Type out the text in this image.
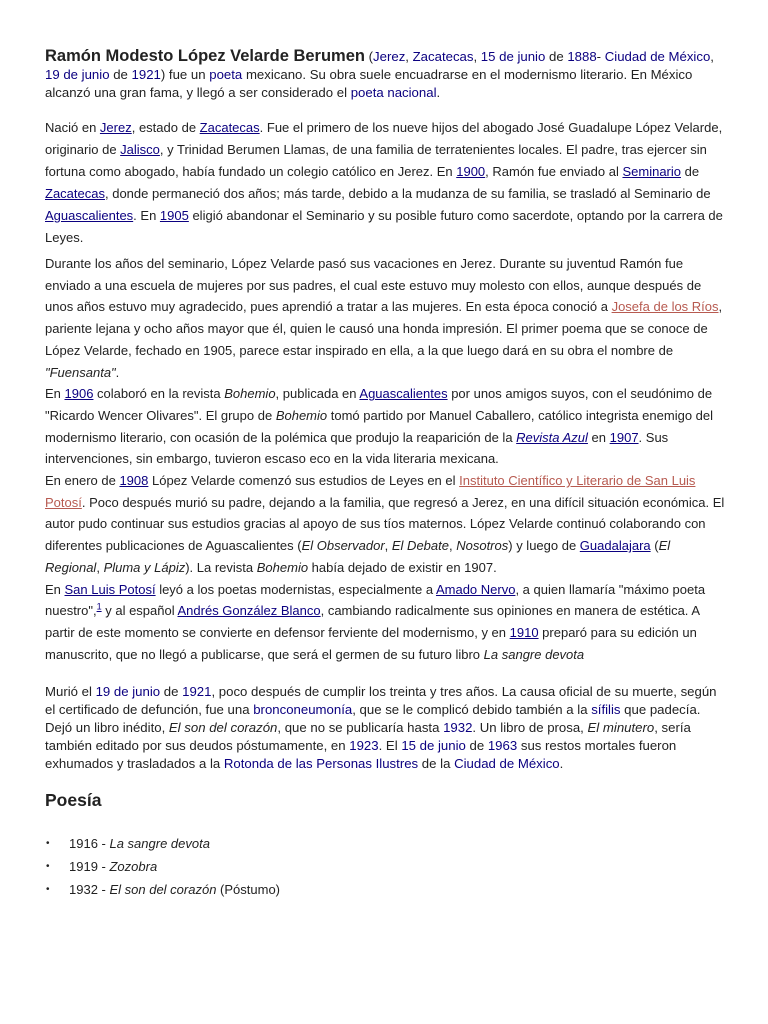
Ramón Modesto López Velarde Berumen (Jerez, Zacatecas, 15 de junio de 1888- Ciudad de México, 19 de junio de 1921) fue un poeta mexicano. Su obra suele encuadrarse en el modernismo literario. En México alcanzó una gran fama, y llegó a ser considerado el poeta nacional.
Nació en Jerez, estado de Zacatecas. Fue el primero de los nueve hijos del abogado José Guadalupe López Velarde, originario de Jalisco, y Trinidad Berumen Llamas, de una familia de terratenientes locales. El padre, tras ejercer sin fortuna como abogado, había fundado un colegio católico en Jerez. En 1900, Ramón fue enviado al Seminario de Zacatecas, donde permaneció dos años; más tarde, debido a la mudanza de su familia, se trasladó al Seminario de Aguascalientes. En 1905 eligió abandonar el Seminario y su posible futuro como sacerdote, optando por la carrera de Leyes.
Durante los años del seminario, López Velarde pasó sus vacaciones en Jerez. Durante su juventud Ramón fue enviado a una escuela de mujeres por sus padres, el cual este estuvo muy molesto con ellos, aunque después de unos años estuvo muy agradecido, pues aprendió a tratar a las mujeres. En esta época conoció a Josefa de los Ríos, pariente lejana y ocho años mayor que él, quien le causó una honda impresión. El primer poema que se conoce de López Velarde, fechado en 1905, parece estar inspirado en ella, a la que luego dará en su obra el nombre de "Fuensanta".
En 1906 colaboró en la revista Bohemio, publicada en Aguascalientes por unos amigos suyos, con el seudónimo de "Ricardo Wencer Olivares". El grupo de Bohemio tomó partido por Manuel Caballero, católico integrista enemigo del modernismo literario, con ocasión de la polémica que produjo la reaparición de la Revista Azul en 1907. Sus intervenciones, sin embargo, tuvieron escaso eco en la vida literaria mexicana.
En enero de 1908 López Velarde comenzó sus estudios de Leyes en el Instituto Científico y Literario de San Luis Potosí. Poco después murió su padre, dejando a la familia, que regresó a Jerez, en una difícil situación económica. El autor pudo continuar sus estudios gracias al apoyo de sus tíos maternos. López Velarde continuó colaborando con diferentes publicaciones de Aguascalientes (El Observador, El Debate, Nosotros) y luego de Guadalajara (El Regional, Pluma y Lápiz). La revista Bohemio había dejado de existir en 1907.
En San Luis Potosí leyó a los poetas modernistas, especialmente a Amado Nervo, a quien llamaría "máximo poeta nuestro",$^1$ y al español Andrés González Blanco, cambiando radicalmente sus opiniones en manera de estética. A partir de este momento se convierte en defensor ferviente del modernismo, y en 1910 preparó para su edición un manuscrito, que no llegó a publicarse, que será el germen de su futuro libro La sangre devota
Murió el 19 de junio de 1921, poco después de cumplir los treinta y tres años. La causa oficial de su muerte, según el certificado de defunción, fue una bronconeumonía, que se le complicó debido también a la sífilis que padecía. Dejó un libro inédito, El son del corazón, que no se publicaría hasta 1932. Un libro de prosa, El minutero, sería también editado por sus deudos póstumamente, en 1923. El 15 de junio de 1963 sus restos mortales fueron exhumados y trasladados a la Rotonda de las Personas Ilustres de la Ciudad de México.
Poesía
• 1916 - La sangre devota
• 1919 - Zozobra
• 1932 - El son del corazón (Póstumo)
